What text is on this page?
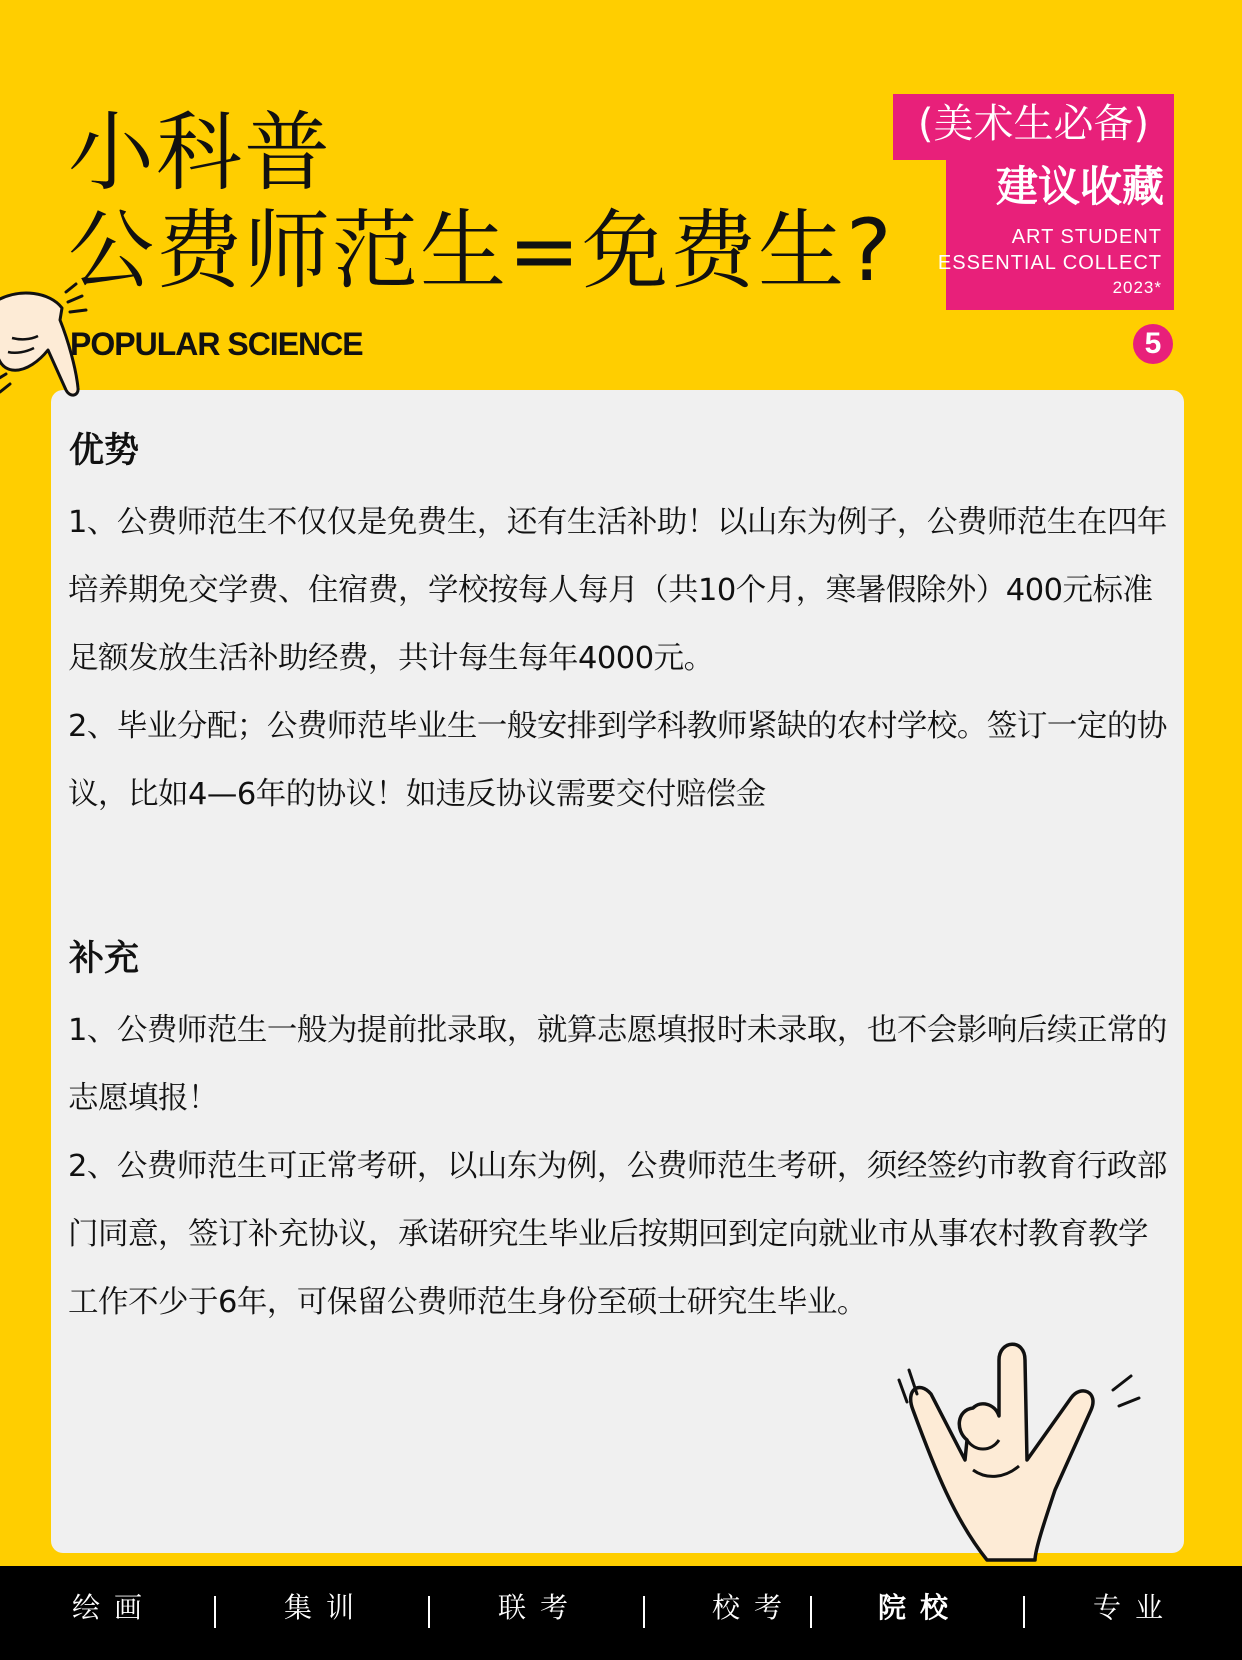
小科普
公费师范生=免费生?
POPULAR SCIENCE
(美术生必备)
建议收藏
ART STUDENT
ESSENTIAL COLLECT
2023*
5
优势

1、公费师范生不仅仅是免费生，还有生活补助！以山东为例子，公费师范生在四年培养期免交学费、住宿费，学校按每人每月（共10个月，寒暑假除外）400元标准足额发放生活补助经费，共计每生每年4000元。

2、毕业分配；公费师范毕业生一般安排到学科教师紧缺的农村学校。签订一定的协议，比如4—6年的协议！如违反协议需要交付赔偿金

补充

1、公费师范生一般为提前批录取，就算志愿填报时未录取，也不会影响后续正常的志愿填报！

2、公费师范生可正常考研，以山东为例，公费师范生考研，须经签约市教育行政部门同意，签订补充协议，承诺研究生毕业后按期回到定向就业市从事农村教育教学工作不少于6年，可保留公费师范生身份至硕士研究生毕业。

绘画	集训	联考	校考	院校	专业
